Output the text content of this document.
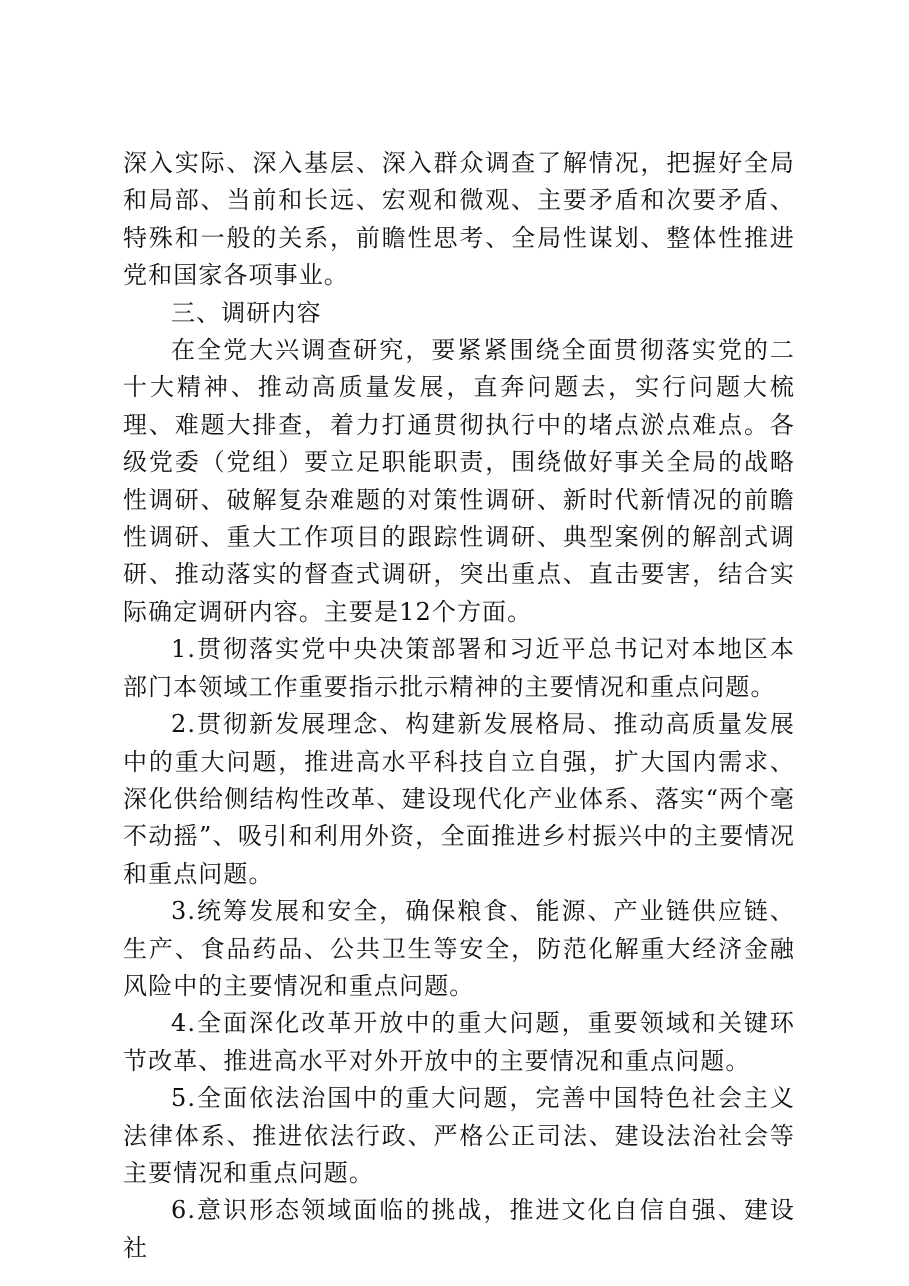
深入实际、深入基层、深入群众调查了解情况，把握好全局和局部、当前和长远、宏观和微观、主要矛盾和次要矛盾、特殊和一般的关系，前瞻性思考、全局性谋划、整体性推进党和国家各项事业。

三、调研内容

在全党大兴调查研究，要紧紧围绕全面贯彻落实党的二十大精神、推动高质量发展，直奔问题去，实行问题大梳理、难题大排查，着力打通贯彻执行中的堵点淤点难点。各级党委（党组）要立足职能职责，围绕做好事关全局的战略性调研、破解复杂难题的对策性调研、新时代新情况的前瞻性调研、重大工作项目的跟踪性调研、典型案例的解剖式调研、推动落实的督查式调研，突出重点、直击要害，结合实际确定调研内容。主要是12个方面。

1.贯彻落实党中央决策部署和习近平总书记对本地区本部门本领域工作重要指示批示精神的主要情况和重点问题。

2.贯彻新发展理念、构建新发展格局、推动高质量发展中的重大问题，推进高水平科技自立自强，扩大国内需求、深化供给侧结构性改革、建设现代化产业体系、落实“两个毫不动摇”、吸引和利用外资，全面推进乡村振兴中的主要情况和重点问题。

3.统筹发展和安全，确保粮食、能源、产业链供应链、生产、食品药品、公共卫生等安全，防范化解重大经济金融风险中的主要情况和重点问题。

4.全面深化改革开放中的重大问题，重要领域和关键环节改革、推进高水平对外开放中的主要情况和重点问题。

5.全面依法治国中的重大问题，完善中国特色社会主义法律体系、推进依法行政、严格公正司法、建设法治社会等主要情况和重点问题。

6.意识形态领域面临的挑战，推进文化自信自强、建设社
